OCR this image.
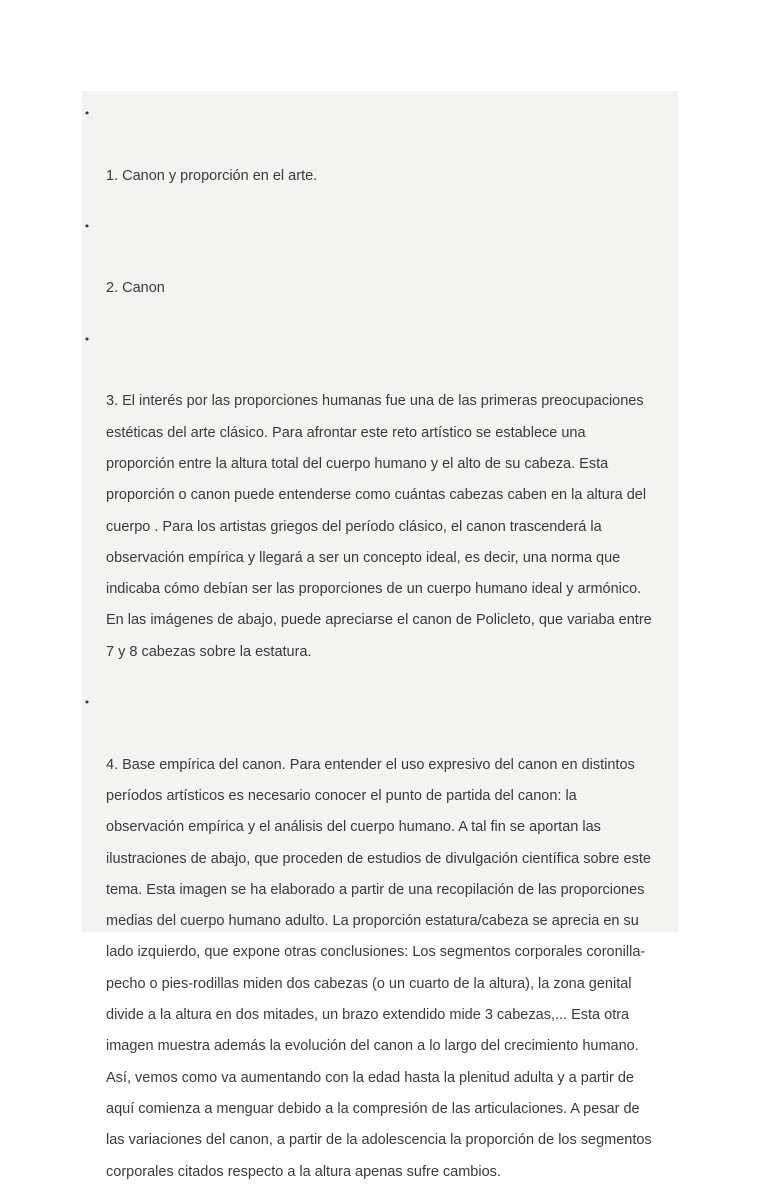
•

1. Canon y proporción en el arte.

•

2. Canon

•

3. El interés por las proporciones humanas fue una de las primeras preocupaciones
estéticas del arte clásico. Para afrontar este reto artístico se establece una
proporción entre la altura total del cuerpo humano y el alto de su cabeza. Esta
proporción o canon puede entenderse como cuántas cabezas caben en la altura del
cuerpo . Para los artistas griegos del período clásico, el canon trascenderá la
observación empírica y llegará a ser un concepto ideal, es decir, una norma que
indicaba cómo debían ser las proporciones de un cuerpo humano ideal y armónico.
En las imágenes de abajo, puede apreciarse el canon de Policleto, que variaba entre
7 y 8 cabezas sobre la estatura.

•

4. Base empírica del canon. Para entender el uso expresivo del canon en distintos
períodos artísticos es necesario conocer el punto de partida del canon: la
observación empírica y el análisis del cuerpo humano. A tal fin se aportan las
ilustraciones de abajo, que proceden de estudios de divulgación científica sobre este
tema. Esta imagen se ha elaborado a partir de una recopilación de las proporciones
medias del cuerpo humano adulto. La proporción estatura/cabeza se aprecia en su
lado izquierdo, que expone otras conclusiones: Los segmentos corporales coronilla-
pecho o pies-rodillas miden dos cabezas (o un cuarto de la altura), la zona genital
divide a la altura en dos mitades, un brazo extendido mide 3 cabezas,... Esta otra
imagen muestra además la evolución del canon a lo largo del crecimiento humano.
Así, vemos como va aumentando con la edad hasta la plenitud adulta y a partir de
aquí comienza a menguar debido a la compresión de las articulaciones. A pesar de
las variaciones del canon, a partir de la adolescencia la proporción de los segmentos
corporales citados respecto a la altura apenas sufre cambios.
